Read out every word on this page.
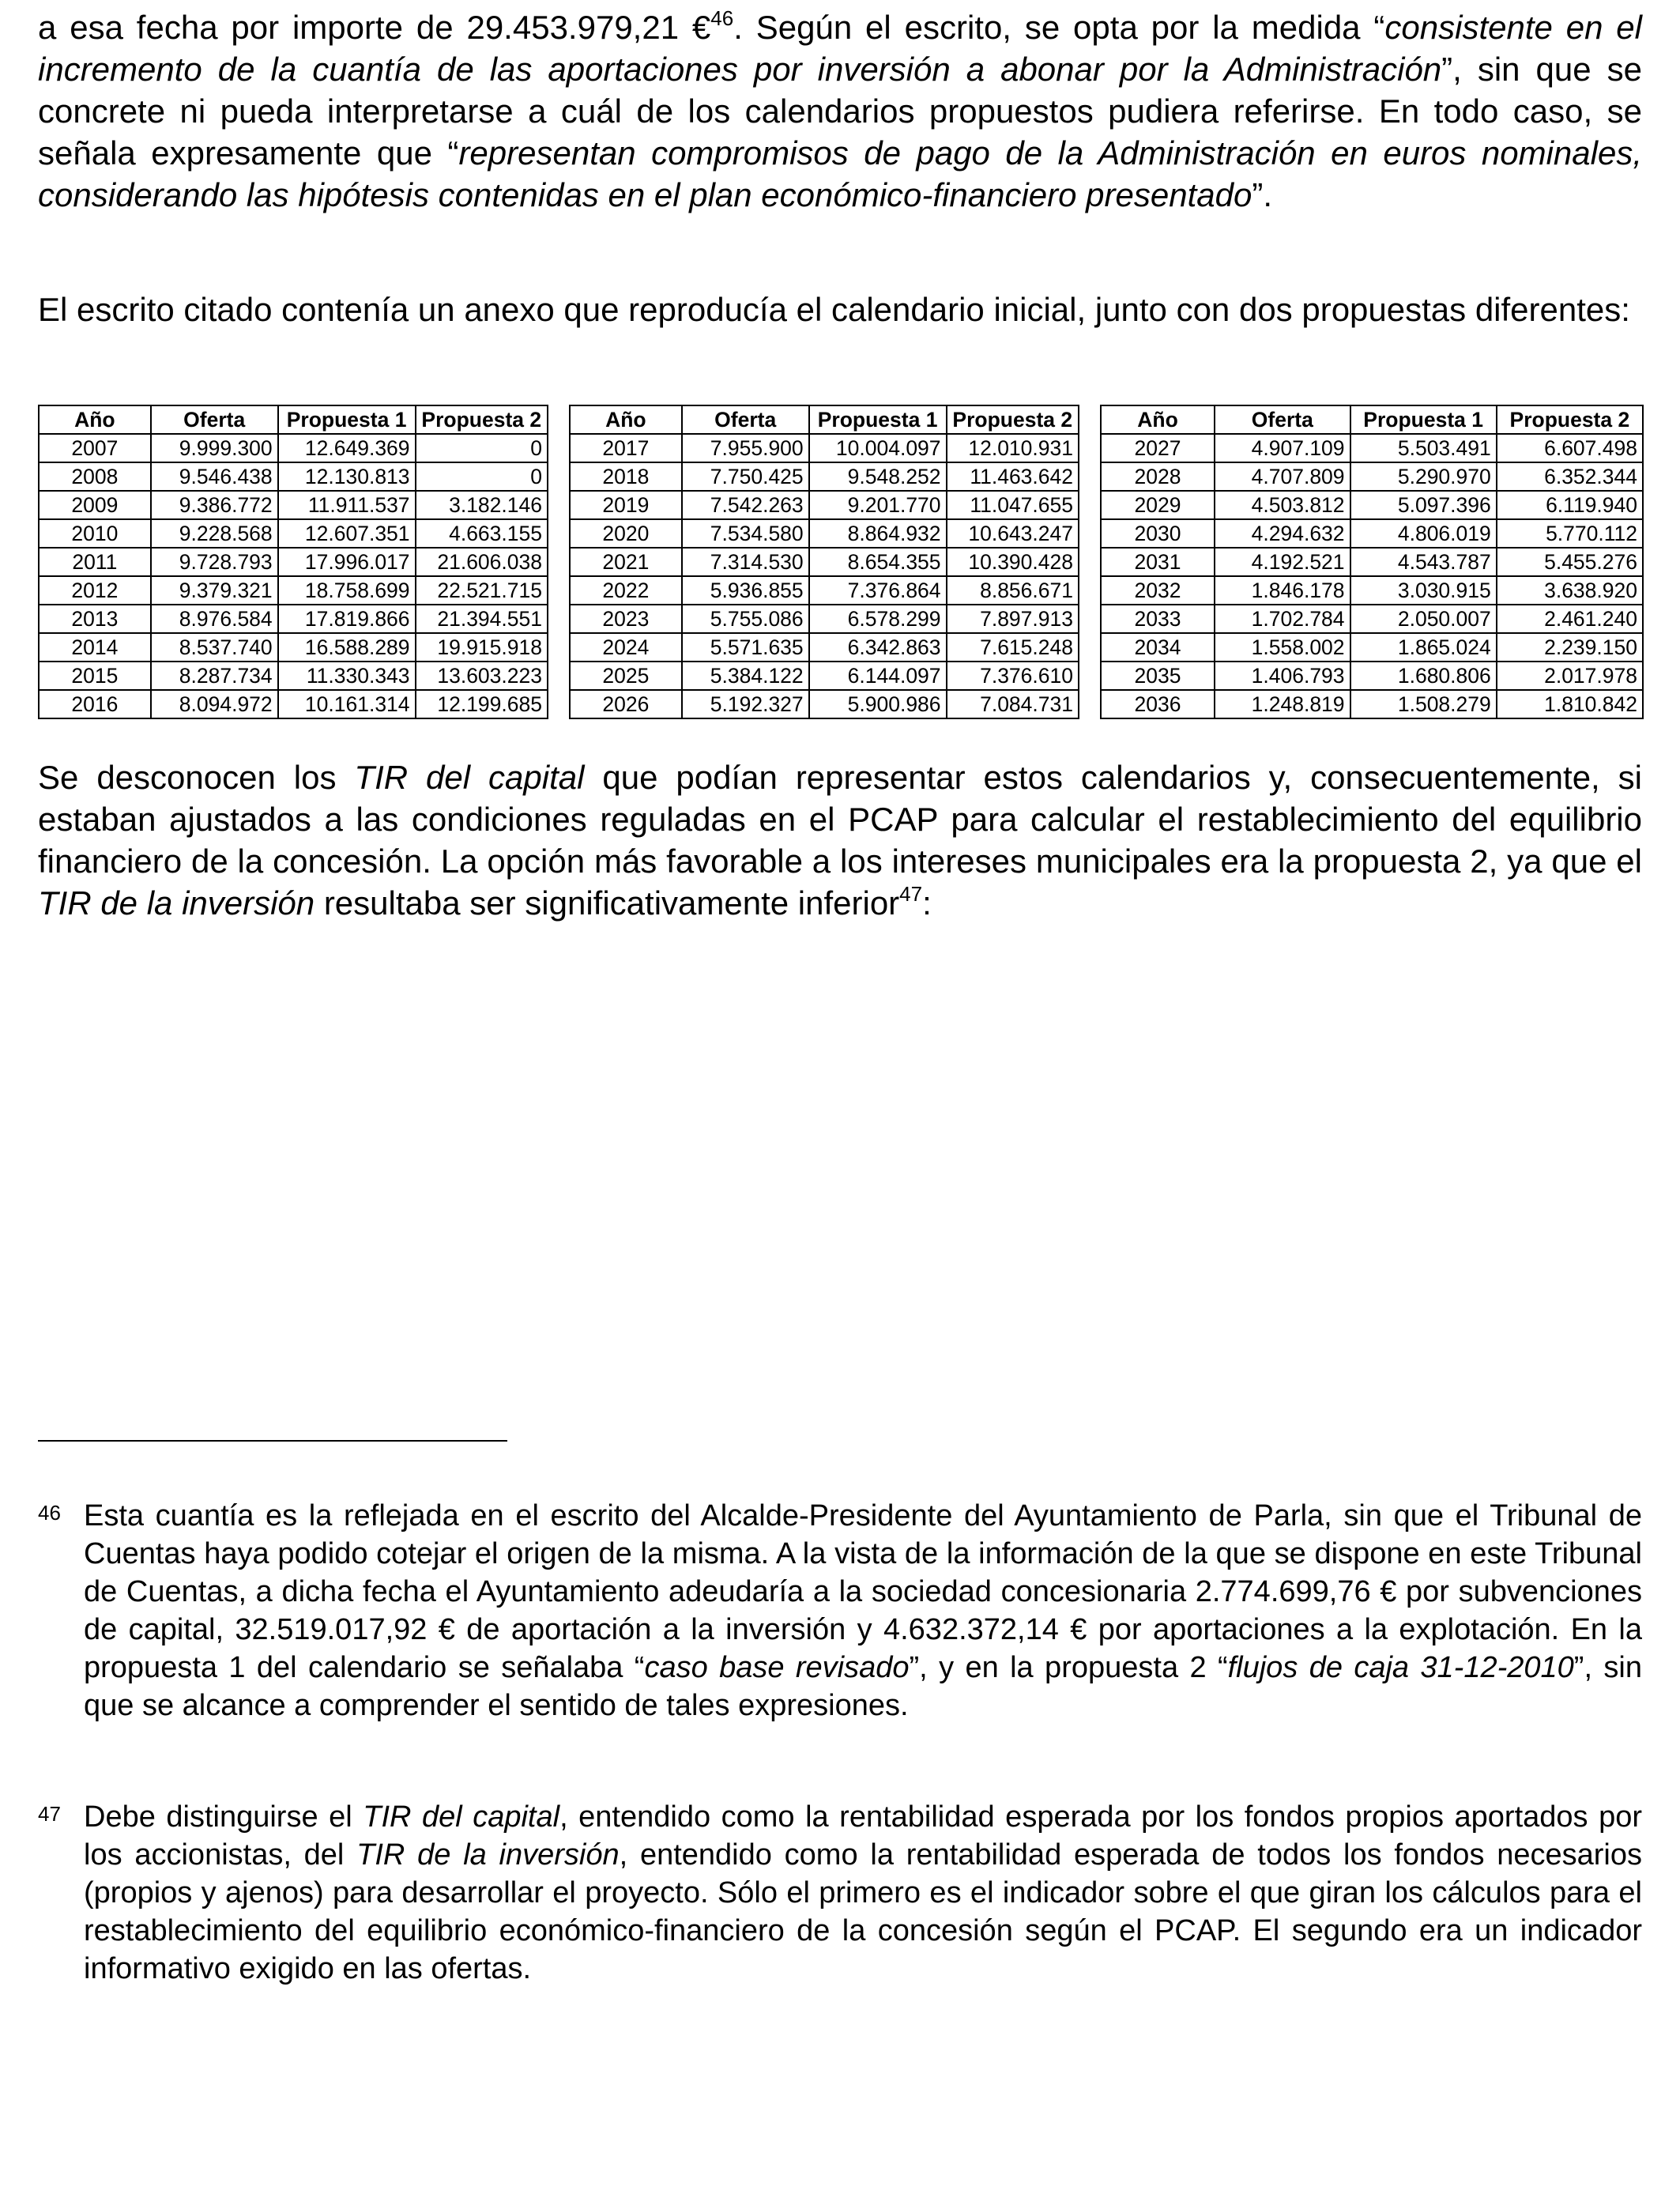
a esa fecha por importe de 29.453.979,21 €$^{46}$. Según el escrito, se opta por la medida “consistente en el incremento de la cuantía de las aportaciones por inversión a abonar por la Administración”, sin que se concrete ni pueda interpretarse a cuál de los calendarios propuestos pudiera referirse. En todo caso, se señala expresamente que “representan compromisos de pago de la Administración en euros nominales, considerando las hipótesis contenidas en el plan económico-financiero presentado”.

El escrito citado contenía un anexo que reproducía el calendario inicial, junto con dos propuestas diferentes:

Año	Oferta	Propuesta 1	Propuesta 2
2007	9.999.300	12.649.369	0
2008	9.546.438	12.130.813	0
2009	9.386.772	11.911.537	3.182.146
2010	9.228.568	12.607.351	4.663.155
2011	9.728.793	17.996.017	21.606.038
2012	9.379.321	18.758.699	22.521.715
2013	8.976.584	17.819.866	21.394.551
2014	8.537.740	16.588.289	19.915.918
2015	8.287.734	11.330.343	13.603.223
2016	8.094.972	10.161.314	12.199.685
Año	Oferta	Propuesta 1	Propuesta 2
2017	7.955.900	10.004.097	12.010.931
2018	7.750.425	9.548.252	11.463.642
2019	7.542.263	9.201.770	11.047.655
2020	7.534.580	8.864.932	10.643.247
2021	7.314.530	8.654.355	10.390.428
2022	5.936.855	7.376.864	8.856.671
2023	5.755.086	6.578.299	7.897.913
2024	5.571.635	6.342.863	7.615.248
2025	5.384.122	6.144.097	7.376.610
2026	5.192.327	5.900.986	7.084.731
Año	Oferta	Propuesta 1	Propuesta 2
2027	4.907.109	5.503.491	6.607.498
2028	4.707.809	5.290.970	6.352.344
2029	4.503.812	5.097.396	6.119.940
2030	4.294.632	4.806.019	5.770.112
2031	4.192.521	4.543.787	5.455.276
2032	1.846.178	3.030.915	3.638.920
2033	1.702.784	2.050.007	2.461.240
2034	1.558.002	1.865.024	2.239.150
2035	1.406.793	1.680.806	2.017.978
2036	1.248.819	1.508.279	1.810.842

Se desconocen los TIR del capital que podían representar estos calendarios y, consecuentemente, si estaban ajustados a las condiciones reguladas en el PCAP para calcular el restablecimiento del equilibrio financiero de la concesión. La opción más favorable a los intereses municipales era la propuesta 2, ya que el TIR de la inversión resultaba ser significativamente inferior$^{47}$:

46 Esta cuantía es la reflejada en el escrito del Alcalde-Presidente del Ayuntamiento de Parla, sin que el Tribunal de Cuentas haya podido cotejar el origen de la misma. A la vista de la información de la que se dispone en este Tribunal de Cuentas, a dicha fecha el Ayuntamiento adeudaría a la sociedad concesionaria 2.774.699,76 € por subvenciones de capital, 32.519.017,92 € de aportación a la inversión y 4.632.372,14 € por aportaciones a la explotación. En la propuesta 1 del calendario se señalaba “caso base revisado”, y en la propuesta 2 “flujos de caja 31-12-2010”, sin que se alcance a comprender el sentido de tales expresiones.

47 Debe distinguirse el TIR del capital, entendido como la rentabilidad esperada por los fondos propios aportados por los accionistas, del TIR de la inversión, entendido como la rentabilidad esperada de todos los fondos necesarios (propios y ajenos) para desarrollar el proyecto. Sólo el primero es el indicador sobre el que giran los cálculos para el restablecimiento del equilibrio económico-financiero de la concesión según el PCAP. El segundo era un indicador informativo exigido en las ofertas.
